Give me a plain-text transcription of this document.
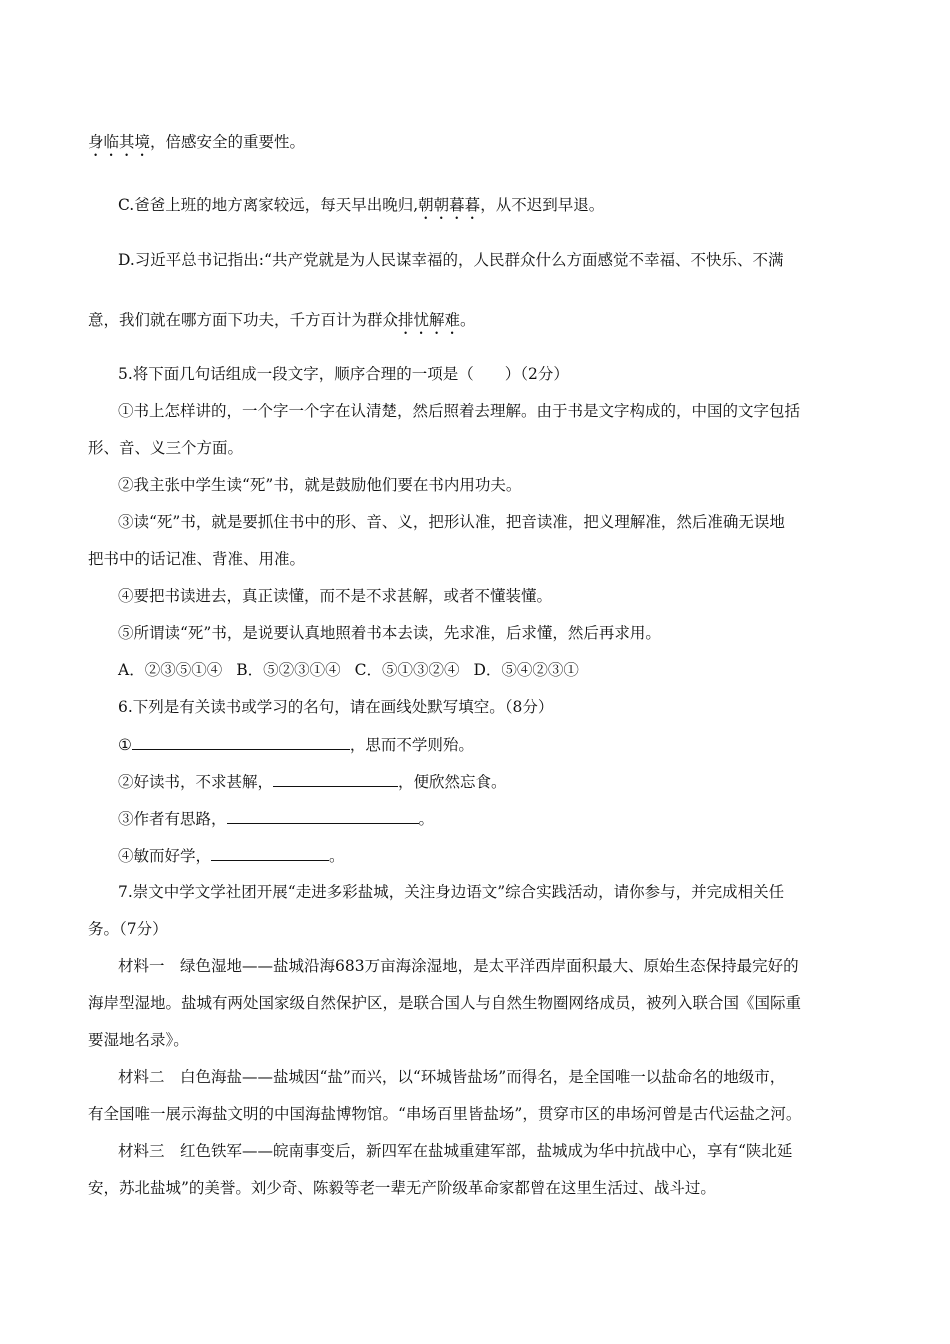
身临其境，倍感安全的重要性。
C.爸爸上班的地方离家较远，每天早出晚归,朝朝暮暮，从不迟到早退。
D.习近平总书记指出:“共产党就是为人民谋幸福的，人民群众什么方面感觉不幸福、不快乐、不满
意，我们就在哪方面下功夫，千方百计为群众排忧解难。
5.将下面几句话组成一段文字，顺序合理的一项是（　　）（2分）
①书上怎样讲的，一个字一个字在认清楚，然后照着去理解。由于书是文字构成的，中国的文字包括
形、音、义三个方面。
②我主张中学生读“死”书，就是鼓励他们要在书内用功夫。
③读“死”书，就是要抓住书中的形、音、义，把形认准，把音读准，把义理解准，然后准确无误地
把书中的话记准、背准、用准。
④要把书读进去，真正读懂，而不是不求甚解，或者不懂装懂。
⑤所谓读“死”书，是说要认真地照着书本去读，先求准，后求懂，然后再求用。
A．②③⑤①④ B．⑤②③①④ C．⑤①③②④ D．⑤④②③①
6.下列是有关读书或学习的名句，请在画线处默写填空。（8分）
①	，思而不学则殆。
②好读书，不求甚解，	，便欣然忘食。
③作者有思路，	。
④敏而好学，	。
7.崇文中学文学社团开展“走进多彩盐城，关注身边语文”综合实践活动，请你参与，并完成相关任
务。（7分）
材料一　绿色湿地——盐城沿海683万亩海涂湿地，是太平洋西岸面积最大、原始生态保持最完好的
海岸型湿地。盐城有两处国家级自然保护区，是联合国人与自然生物圈网络成员，被列入联合国《国际重
要湿地名录》。
材料二　白色海盐——盐城因“盐”而兴，以“环城皆盐场”而得名，是全国唯一以盐命名的地级市，
有全国唯一展示海盐文明的中国海盐博物馆。“串场百里皆盐场”，贯穿市区的串场河曾是古代运盐之河。
材料三　红色铁军——皖南事变后，新四军在盐城重建军部，盐城成为华中抗战中心，享有“陕北延
安，苏北盐城”的美誉。刘少奇、陈毅等老一辈无产阶级革命家都曾在这里生活过、战斗过。
